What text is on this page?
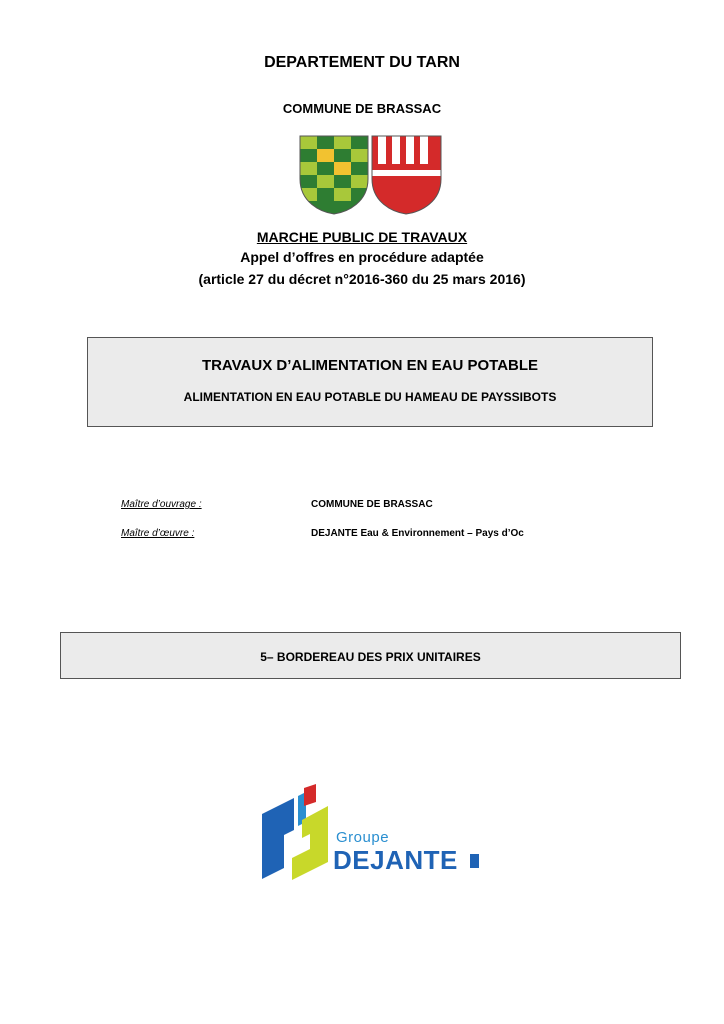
DEPARTEMENT DU TARN
COMMUNE DE BRASSAC
MARCHE PUBLIC DE TRAVAUX
Appel d’offres en procédure adaptée
(article 27 du décret n°2016-360 du 25 mars 2016)
TRAVAUX D’ALIMENTATION EN EAU POTABLE
ALIMENTATION EN EAU POTABLE DU HAMEAU DE PAYSSIBOTS
Maître d’ouvrage :	COMMUNE DE BRASSAC
Maître d’œuvre :	DEJANTE Eau & Environnement – Pays d’Oc
5– BORDEREAU DES PRIX UNITAIRES
Groupe
DEJANTE
